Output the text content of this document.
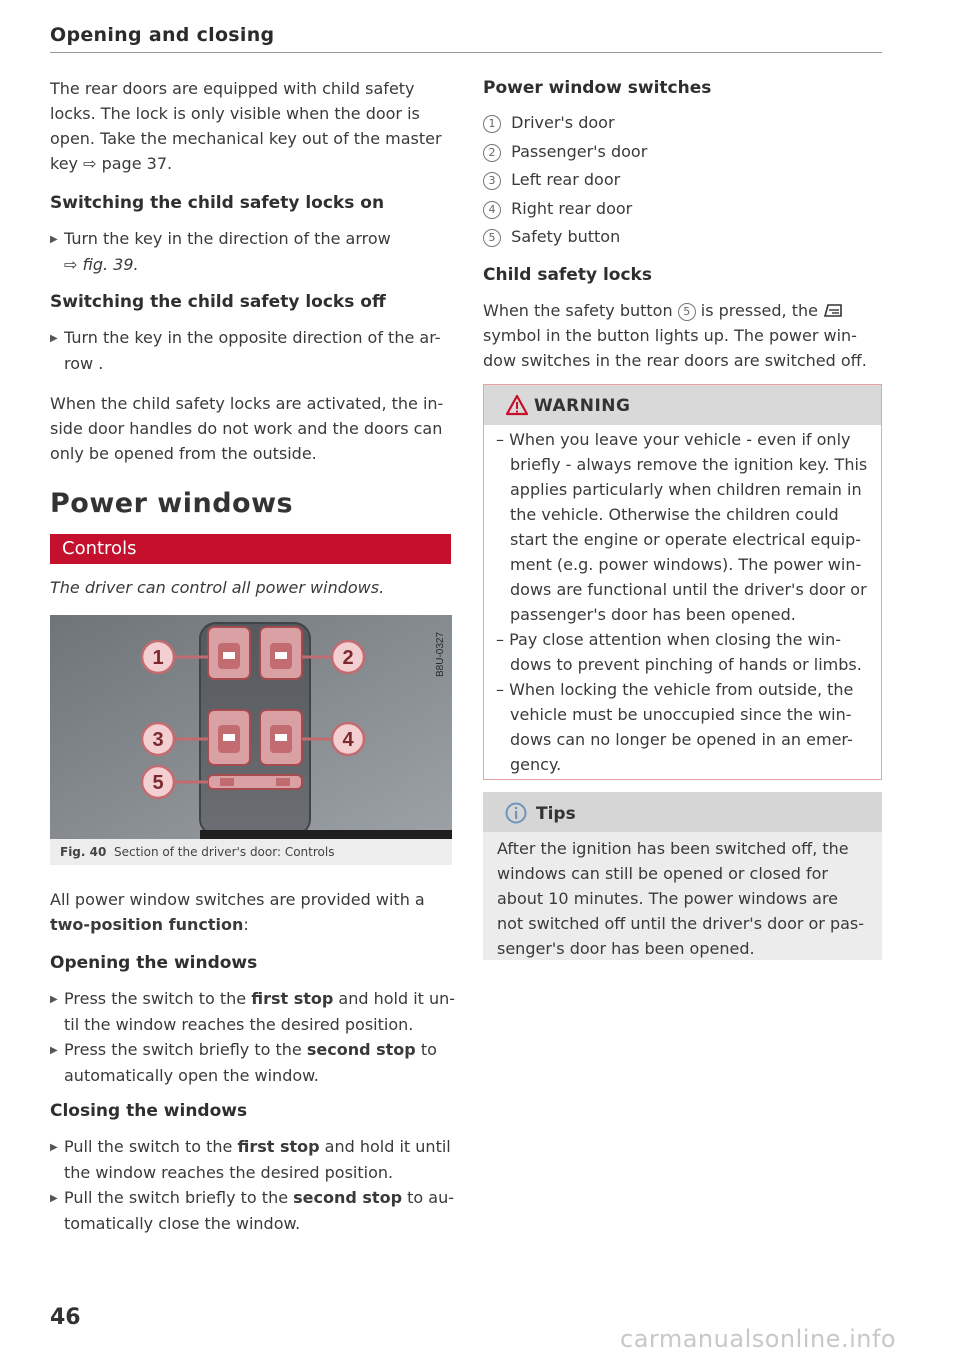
Opening and closing
The rear doors are equipped with child safety
locks. The lock is only visible when the door is
open. Take the mechanical key out of the master
key ⇨ page 37.
Switching the child safety locks on
▶ Turn the key in the direction of the arrow
⇨ fig. 39.
Switching the child safety locks off
▶ Turn the key in the opposite direction of the ar-
row .
When the child safety locks are activated, the in-
side door handles do not work and the doors can
only be opened from the outside.
Power windows
Controls
The driver can control all power windows.
1	2
3	4
5
B8U-0327
Fig. 40 Section of the driver's door: Controls
All power window switches are provided with a
two-position function:
Opening the windows
▶ Press the switch to the first stop and hold it un-
til the window reaches the desired position.
▶ Press the switch briefly to the second stop to
automatically open the window.
Closing the windows
▶ Pull the switch to the first stop and hold it until
the window reaches the desired position.
▶ Pull the switch briefly to the second stop to au-
tomatically close the window.
Power window switches
1 Driver's door
2 Passenger's door
3 Left rear door
4 Right rear door
5 Safety button
Child safety locks
When the safety button 5 is pressed, the
symbol in the button lights up. The power win-
dow switches in the rear doors are switched off.
WARNING
– When you leave your vehicle - even if only
briefly - always remove the ignition key. This
applies particularly when children remain in
the vehicle. Otherwise the children could
start the engine or operate electrical equip-
ment (e.g. power windows). The power win-
dows are functional until the driver's door or
passenger's door has been opened.
– Pay close attention when closing the win-
dows to prevent pinching of hands or limbs.
– When locking the vehicle from outside, the
vehicle must be unoccupied since the win-
dows can no longer be opened in an emer-
gency.
Tips
After the ignition has been switched off, the
windows can still be opened or closed for
about 10 minutes. The power windows are
not switched off until the driver's door or pas-
senger's door has been opened.
46
carmanualsonline.info
